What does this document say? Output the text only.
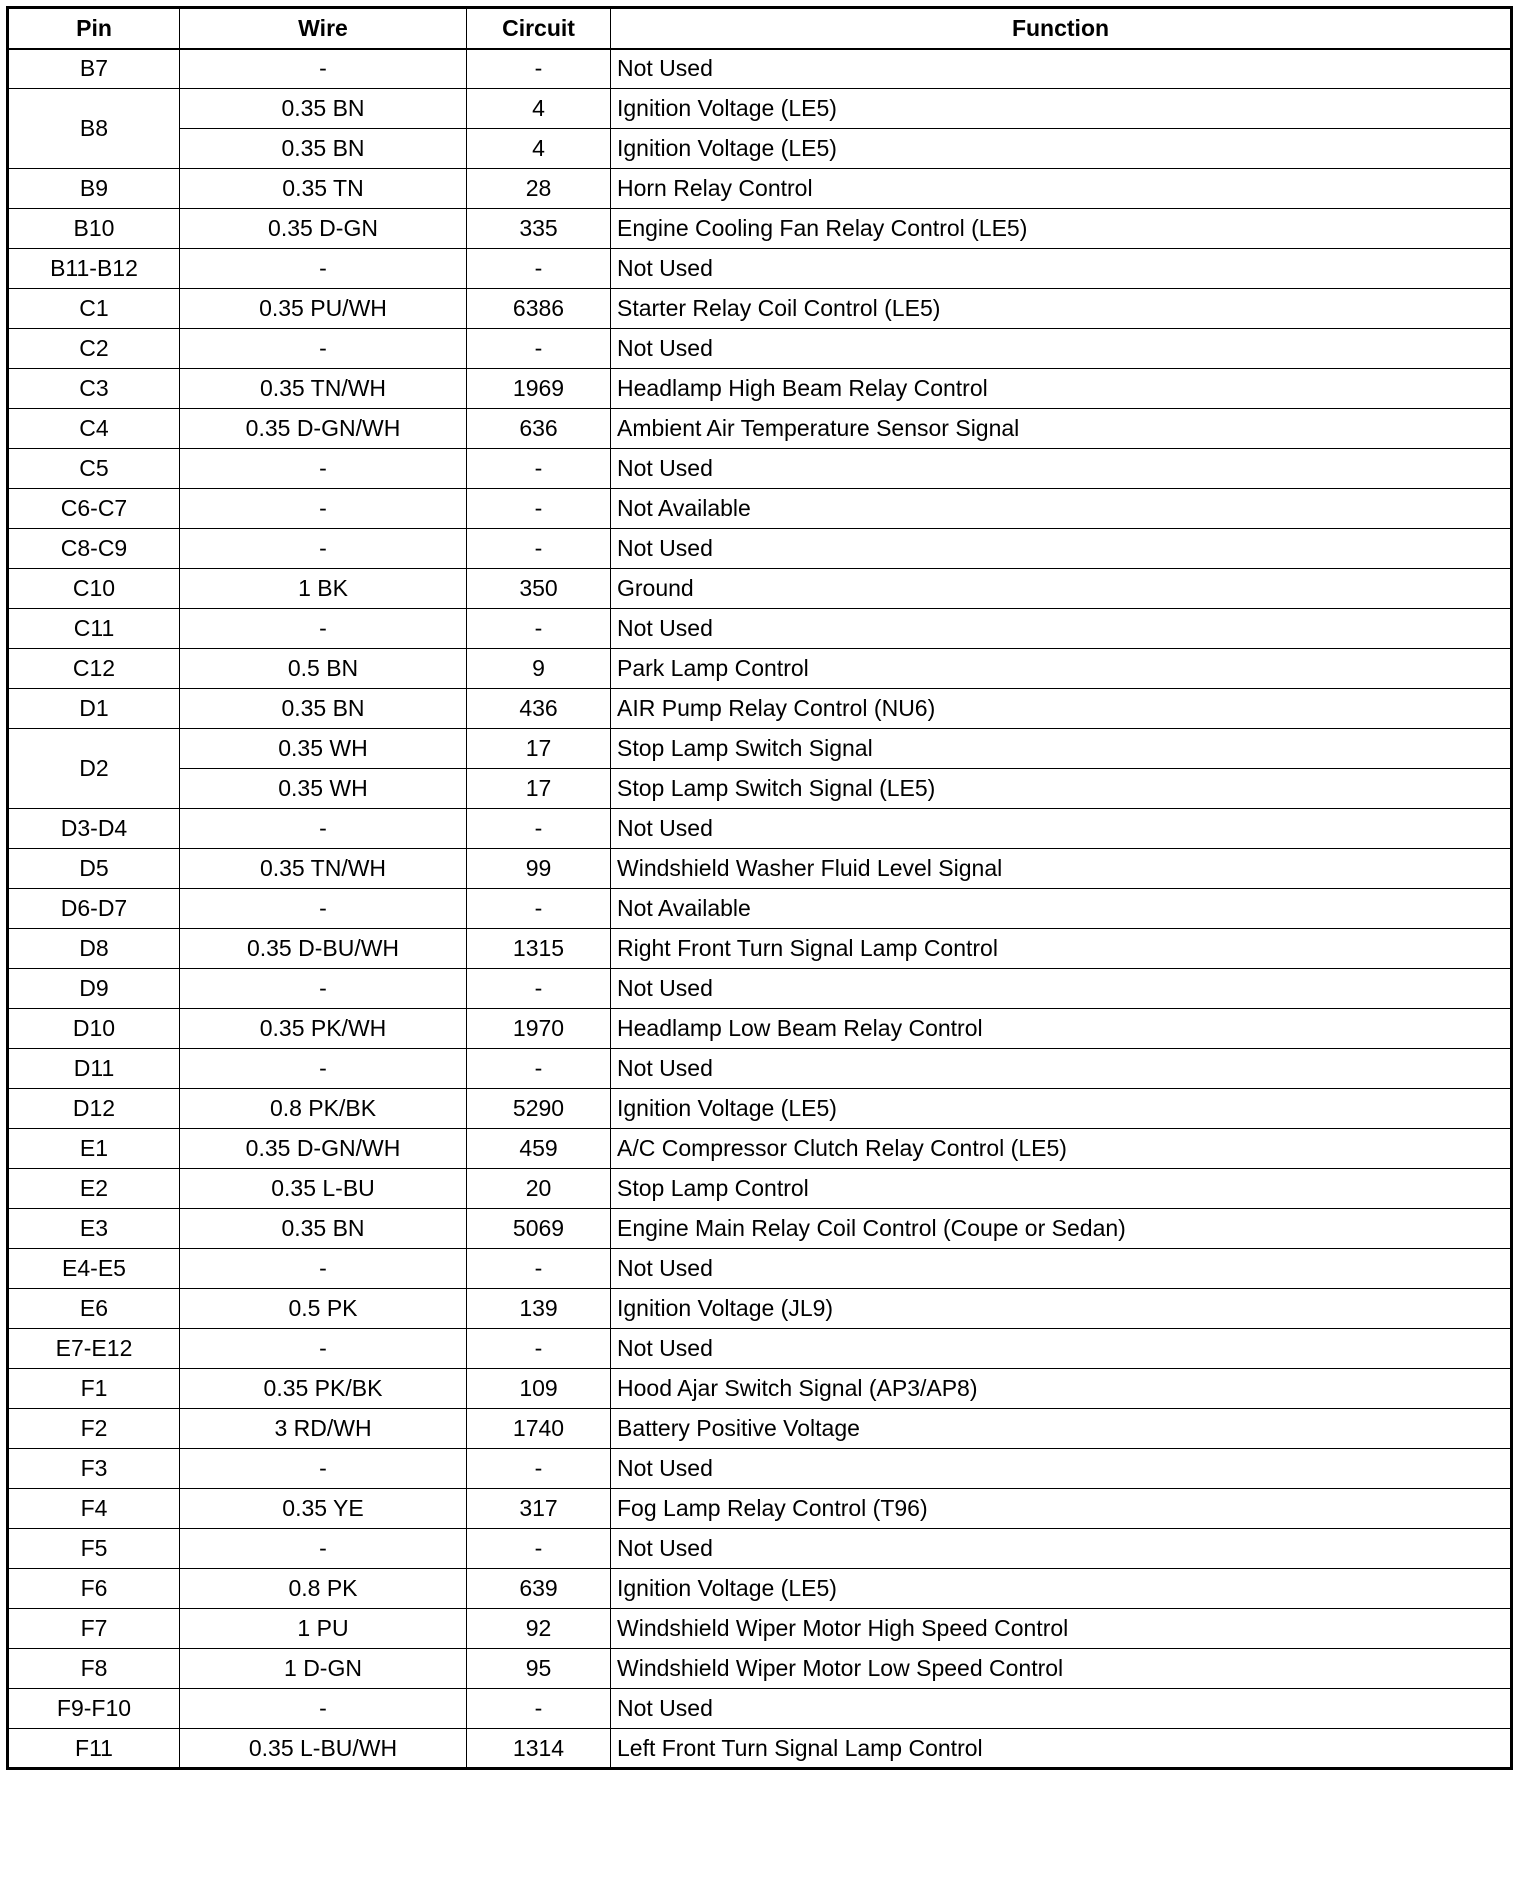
Pin	Wire	Circuit	Function
B7	-	-	Not Used
B8	0.35 BN	4	Ignition Voltage (LE5)
	0.35 BN	4	Ignition Voltage (LE5)
B9	0.35 TN	28	Horn Relay Control
B10	0.35 D-GN	335	Engine Cooling Fan Relay Control (LE5)
B11-B12	-	-	Not Used
C1	0.35 PU/WH	6386	Starter Relay Coil Control (LE5)
C2	-	-	Not Used
C3	0.35 TN/WH	1969	Headlamp High Beam Relay Control
C4	0.35 D-GN/WH	636	Ambient Air Temperature Sensor Signal
C5	-	-	Not Used
C6-C7	-	-	Not Available
C8-C9	-	-	Not Used
C10	1 BK	350	Ground
C11	-	-	Not Used
C12	0.5 BN	9	Park Lamp Control
D1	0.35 BN	436	AIR Pump Relay Control (NU6)
D2	0.35 WH	17	Stop Lamp Switch Signal
	0.35 WH	17	Stop Lamp Switch Signal (LE5)
D3-D4	-	-	Not Used
D5	0.35 TN/WH	99	Windshield Washer Fluid Level Signal
D6-D7	-	-	Not Available
D8	0.35 D-BU/WH	1315	Right Front Turn Signal Lamp Control
D9	-	-	Not Used
D10	0.35 PK/WH	1970	Headlamp Low Beam Relay Control
D11	-	-	Not Used
D12	0.8 PK/BK	5290	Ignition Voltage (LE5)
E1	0.35 D-GN/WH	459	A/C Compressor Clutch Relay Control (LE5)
E2	0.35 L-BU	20	Stop Lamp Control
E3	0.35 BN	5069	Engine Main Relay Coil Control (Coupe or Sedan)
E4-E5	-	-	Not Used
E6	0.5 PK	139	Ignition Voltage (JL9)
E7-E12	-	-	Not Used
F1	0.35 PK/BK	109	Hood Ajar Switch Signal (AP3/AP8)
F2	3 RD/WH	1740	Battery Positive Voltage
F3	-	-	Not Used
F4	0.35 YE	317	Fog Lamp Relay Control (T96)
F5	-	-	Not Used
F6	0.8 PK	639	Ignition Voltage (LE5)
F7	1 PU	92	Windshield Wiper Motor High Speed Control
F8	1 D-GN	95	Windshield Wiper Motor Low Speed Control
F9-F10	-	-	Not Used
F11	0.35 L-BU/WH	1314	Left Front Turn Signal Lamp Control
